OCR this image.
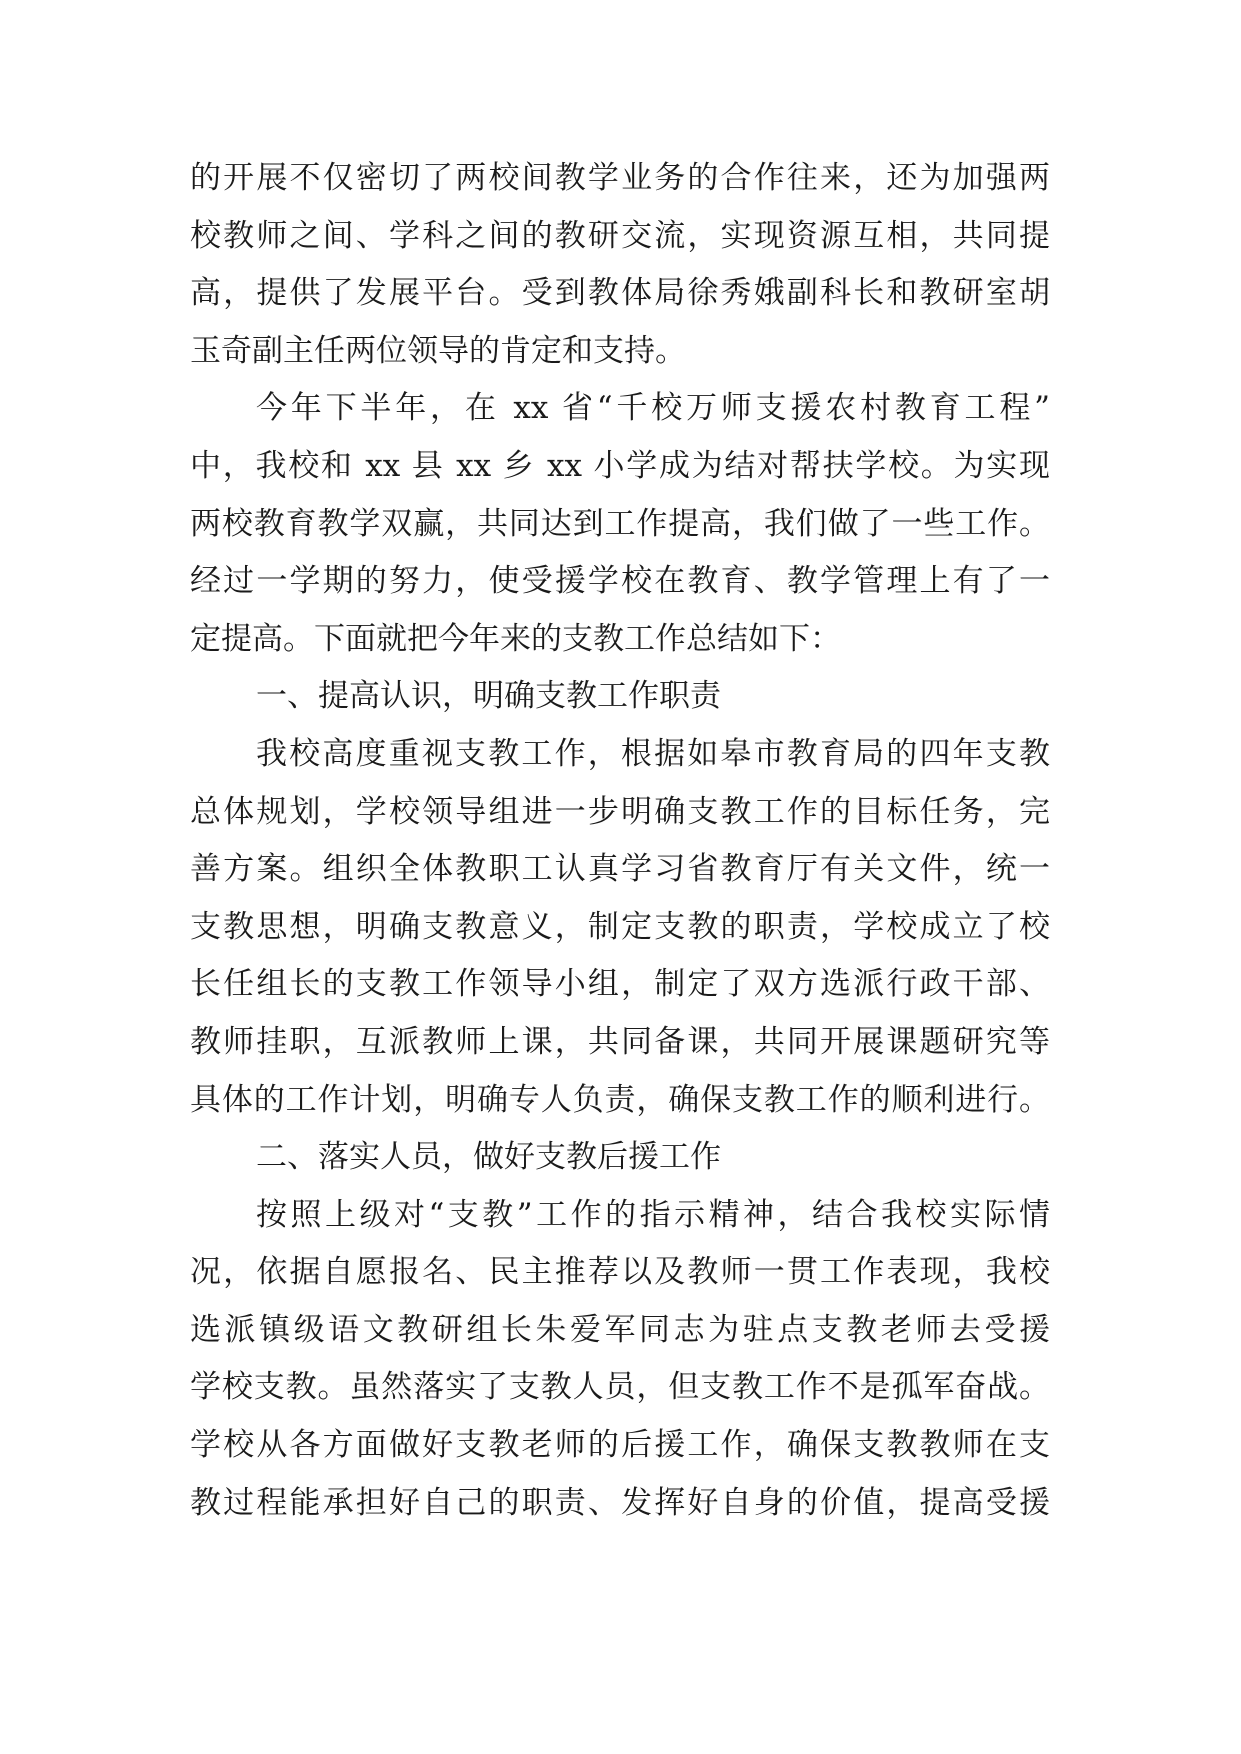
的开展不仅密切了两校间教学业务的合作往来，还为加强两
校教师之间、学科之间的教研交流，实现资源互相，共同提
高，提供了发展平台。受到教体局徐秀娥副科长和教研室胡
玉奇副主任两位领导的肯定和支持。
今年下半年，在 xx 省“千校万师支援农村教育工程”
中，我校和 xx 县 xx 乡 xx 小学成为结对帮扶学校。为实现
两校教育教学双赢，共同达到工作提高，我们做了一些工作。
经过一学期的努力，使受援学校在教育、教学管理上有了一
定提高。下面就把今年来的支教工作总结如下：
一、提高认识，明确支教工作职责
我校高度重视支教工作，根据如皋市教育局的四年支教
总体规划，学校领导组进一步明确支教工作的目标任务，完
善方案。组织全体教职工认真学习省教育厅有关文件，统一
支教思想，明确支教意义，制定支教的职责，学校成立了校
长任组长的支教工作领导小组，制定了双方选派行政干部、
教师挂职，互派教师上课，共同备课，共同开展课题研究等
具体的工作计划，明确专人负责，确保支教工作的顺利进行。
二、落实人员，做好支教后援工作
按照上级对“支教”工作的指示精神，结合我校实际情
况，依据自愿报名、民主推荐以及教师一贯工作表现，我校
选派镇级语文教研组长朱爱军同志为驻点支教老师去受援
学校支教。虽然落实了支教人员，但支教工作不是孤军奋战。
学校从各方面做好支教老师的后援工作，确保支教教师在支
教过程能承担好自己的职责、发挥好自身的价值，提高受援
